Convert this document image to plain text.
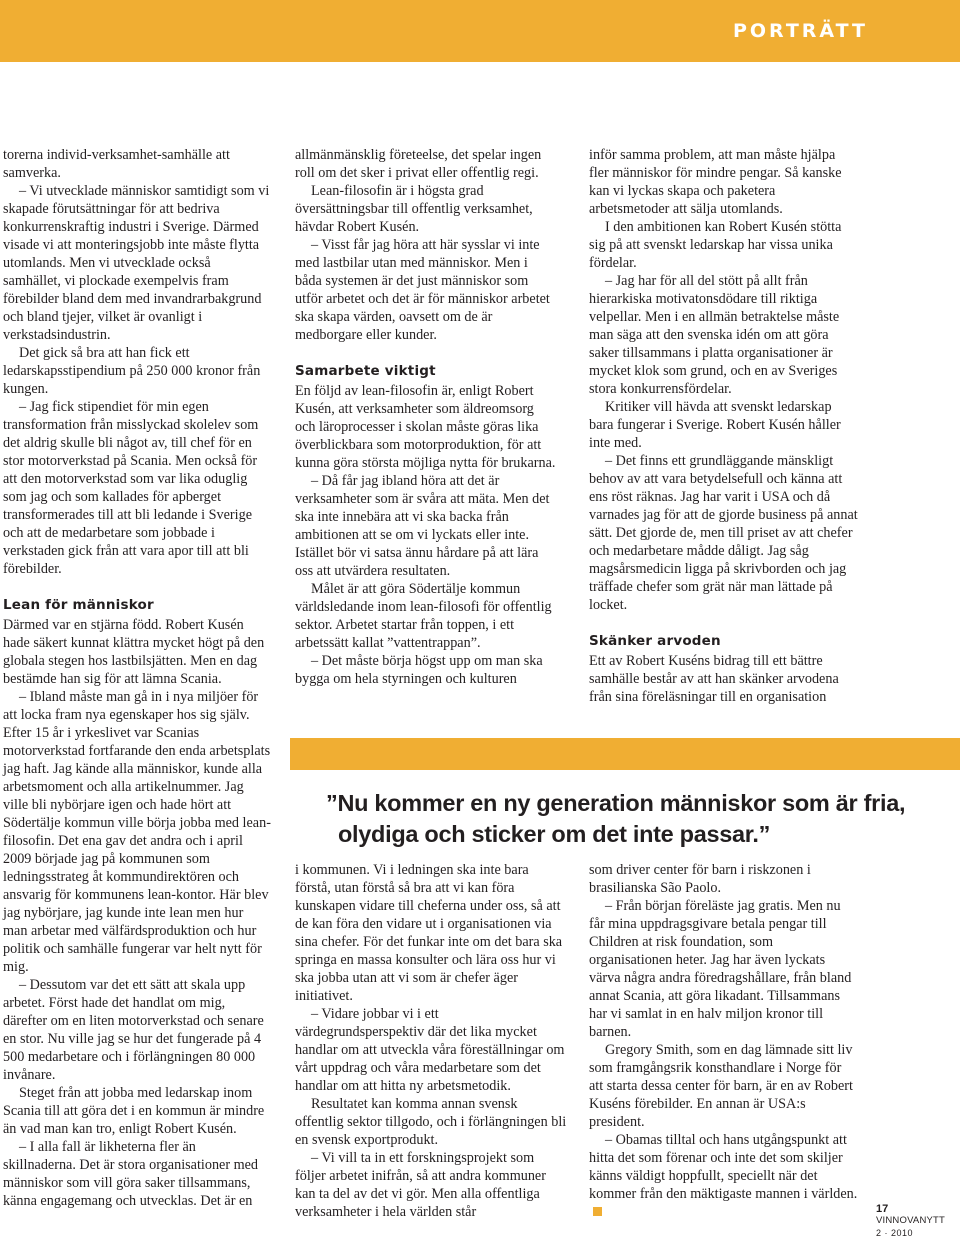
PORTRÄTT

torerna individ-verksamhet-samhälle att samverka.

– Vi utvecklade människor samtidigt som vi skapade förutsättningar för att bedriva konkurrenskraftig industri i Sverige. Därmed visade vi att monteringsjobb inte måste flytta utomlands. Men vi utvecklade också samhället, vi plockade exempelvis fram förebilder bland dem med invandrarbakgrund och bland tjejer, vilket är ovanligt i verkstadsindustrin.

Det gick så bra att han fick ett ledarskapsstipendium på 250 000 kronor från kungen.

– Jag fick stipendiet för min egen transformation från misslyckad skolelev som det aldrig skulle bli något av, till chef för en stor motorverkstad på Scania. Men också för att den motorverkstad som var lika oduglig som jag och som kallades för apberget transformerades till att bli ledande i Sverige och att de medarbetare som jobbade i verkstaden gick från att vara apor till att bli förebilder.

Lean för människor

Därmed var en stjärna född. Robert Kusén hade säkert kunnat klättra mycket högt på den globala stegen hos lastbilsjätten. Men en dag bestämde han sig för att lämna Scania.

– Ibland måste man gå in i nya miljöer för att locka fram nya egenskaper hos sig själv. Efter 15 år i yrkeslivet var Scanias motorverkstad fortfarande den enda arbetsplats jag haft. Jag kände alla människor, kunde alla arbetsmoment och alla artikelnummer. Jag ville bli nybörjare igen och hade hört att Södertälje kommun ville börja jobba med lean-filosofin. Det ena gav det andra och i april 2009 började jag på kommunen som ledningsstrateg åt kommundirektören och ansvarig för kommunens lean-kontor. Här blev jag nybörjare, jag kunde inte lean men hur man arbetar med välfärdsproduktion och hur politik och samhälle fungerar var helt nytt för mig.

– Dessutom var det ett sätt att skala upp arbetet. Först hade det handlat om mig, därefter om en liten motorverkstad och senare en stor. Nu ville jag se hur det fungerade på 4 500 medarbetare och i förlängningen 80 000 invånare.

Steget från att jobba med ledarskap inom Scania till att göra det i en kommun är mindre än vad man kan tro, enligt Robert Kusén.

– I alla fall är likheterna fler än skillnaderna. Det är stora organisationer med människor som vill göra saker tillsammans, känna engagemang och utvecklas. Det är en

allmänmänsklig företeelse, det spelar ingen roll om det sker i privat eller offentlig regi.

Lean-filosofin är i högsta grad översättningsbar till offentlig verksamhet, hävdar Robert Kusén.

– Visst får jag höra att här sysslar vi inte med lastbilar utan med människor. Men i båda systemen är det just människor som utför arbetet och det är för människor arbetet ska skapa värden, oavsett om de är medborgare eller kunder.

Samarbete viktigt

En följd av lean-filosofin är, enligt Robert Kusén, att verksamheter som äldreomsorg och läroprocesser i skolan måste göras lika överblickbara som motorproduktion, för att kunna göra största möjliga nytta för brukarna.

– Då får jag ibland höra att det är verksamheter som är svåra att mäta. Men det ska inte innebära att vi ska backa från ambitionen att se om vi lyckats eller inte. Istället bör vi satsa ännu hårdare på att lära oss att utvärdera resultaten.

Målet är att göra Södertälje kommun världsledande inom lean-filosofi för offentlig sektor. Arbetet startar från toppen, i ett arbetssätt kallat ”vattentrappan”.

– Det måste börja högst upp om man ska bygga om hela styrningen och kulturen

inför samma problem, att man måste hjälpa fler människor för mindre pengar. Så kanske kan vi lyckas skapa och paketera arbetsmetoder att sälja utomlands.

I den ambitionen kan Robert Kusén stötta sig på att svenskt ledarskap har vissa unika fördelar.

– Jag har för all del stött på allt från hierarkiska motivatonsdödare till riktiga velpellar. Men i en allmän betraktelse måste man säga att den svenska idén om att göra saker tillsammans i platta organisationer är mycket klok som grund, och en av Sveriges stora konkurrensfördelar.

Kritiker vill hävda att svenskt ledarskap bara fungerar i Sverige. Robert Kusén håller inte med.

– Det finns ett grundläggande mänskligt behov av att vara betydelsefull och känna att ens röst räknas. Jag har varit i USA och då varnades jag för att de gjorde business på annat sätt. Det gjorde de, men till priset av att chefer och medarbetare mådde dåligt. Jag såg magsårsmedicin ligga på skrivborden och jag träffade chefer som grät när man lättade på locket.

Skänker arvoden

Ett av Robert Kuséns bidrag till ett bättre samhälle består av att han skänker arvodena från sina föreläsningar till en organisation

”Nu kommer en ny generation människor som är fria,
olydiga och sticker om det inte passar.”

i kommunen. Vi i ledningen ska inte bara förstå, utan förstå så bra att vi kan föra kunskapen vidare till cheferna under oss, så att de kan föra den vidare ut i organisationen via sina chefer. För det funkar inte om det bara ska springa en massa konsulter och lära oss hur vi ska jobba utan att vi som är chefer äger initiativet.

– Vidare jobbar vi i ett värdegrundsperspektiv där det lika mycket handlar om att utveckla våra föreställningar om vårt uppdrag och våra medarbetare som det handlar om att hitta ny arbetsmetodik.

Resultatet kan komma annan svensk offentlig sektor tillgodo, och i förlängningen bli en svensk exportprodukt.

– Vi vill ta in ett forskningsprojekt som följer arbetet inifrån, så att andra kommuner kan ta del av det vi gör. Men alla offentliga verksamheter i hela världen står

som driver center för barn i riskzonen i brasilianska São Paolo.

– Från början föreläste jag gratis. Men nu får mina uppdragsgivare betala pengar till Children at risk foundation, som organisationen heter. Jag har även lyckats värva några andra föredragshållare, från bland annat Scania, att göra likadant. Tillsammans har vi samlat in en halv miljon kronor till barnen.

Gregory Smith, som en dag lämnade sitt liv som framgångsrik konsthandlare i Norge för att starta dessa center för barn, är en av Robert Kuséns förebilder. En annan är USA:s president.

– Obamas tilltal och hans utgångspunkt att hitta det som förenar och inte det som skiljer känns väldigt hoppfullt, speciellt när det kommer från den mäktigaste mannen i världen.

17
VINNOVANYTT
2 · 2010
